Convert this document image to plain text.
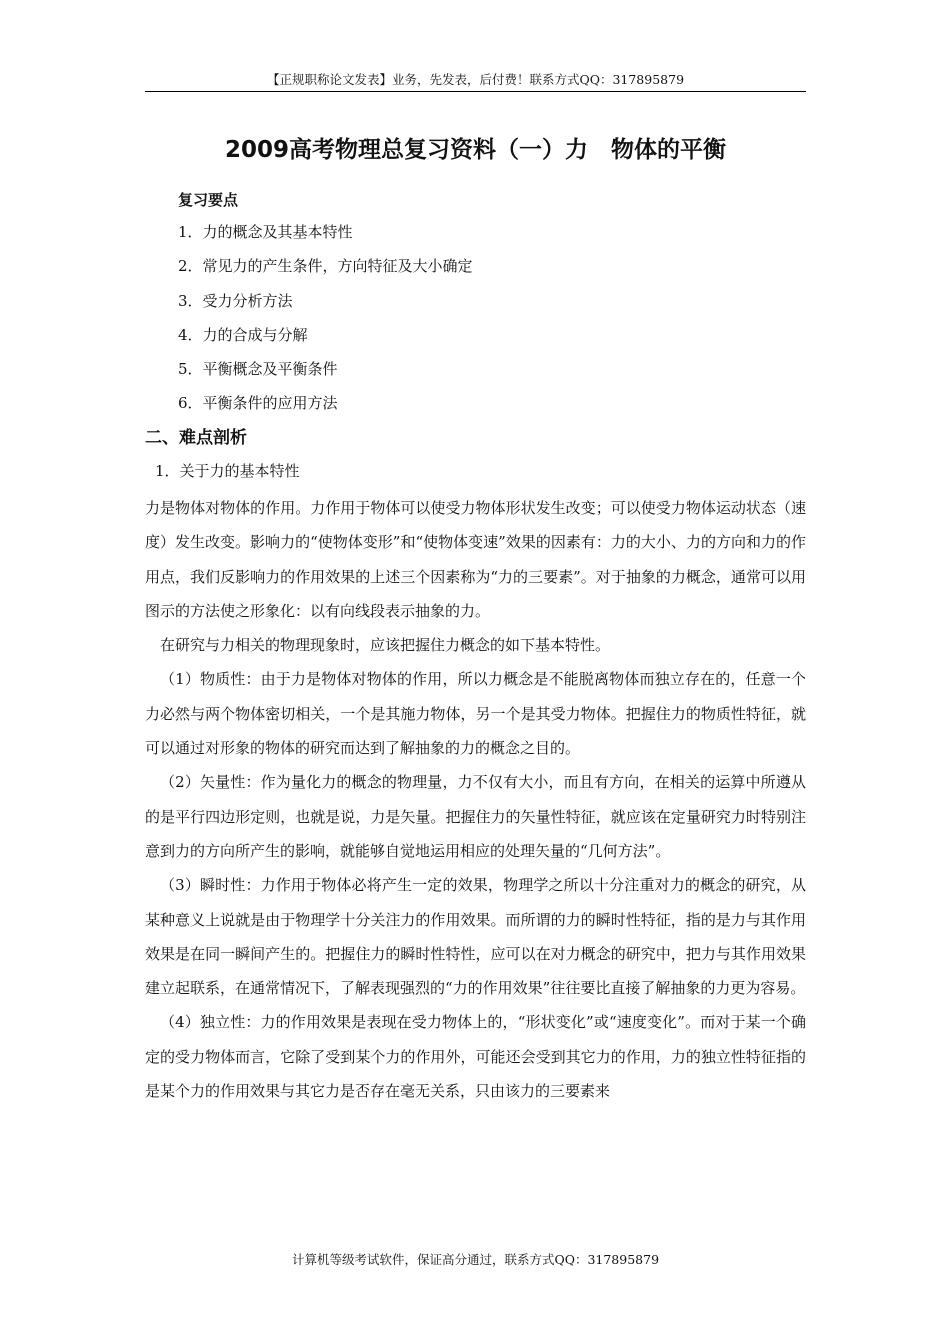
【正规职称论文发表】业务，先发表，后付费！联系方式QQ：317895879
2009高考物理总复习资料（一）力　物体的平衡
复习要点
1．力的概念及其基本特性
2．常见力的产生条件，方向特征及大小确定
3．受力分析方法
4．力的合成与分解
5．平衡概念及平衡条件
6．平衡条件的应用方法
二、难点剖析
1．关于力的基本特性

力是物体对物体的作用。力作用于物体可以使受力物体形状发生改变；可以使受力物体运动状态（速度）发生改变。影响力的“使物体变形”和“使物体变速”效果的因素有：力的大小、力的方向和力的作用点，我们反影响力的作用效果的上述三个因素称为“力的三要素”。对于抽象的力概念，通常可以用图示的方法使之形象化：以有向线段表示抽象的力。

在研究与力相关的物理现象时，应该把握住力概念的如下基本特性。

（1）物质性：由于力是物体对物体的作用，所以力概念是不能脱离物体而独立存在的，任意一个力必然与两个物体密切相关，一个是其施力物体，另一个是其受力物体。把握住力的物质性特征，就可以通过对形象的物体的研究而达到了解抽象的力的概念之目的。

（2）矢量性：作为量化力的概念的物理量，力不仅有大小，而且有方向，在相关的运算中所遵从的是平行四边形定则，也就是说，力是矢量。把握住力的矢量性特征，就应该在定量研究力时特别注意到力的方向所产生的影响，就能够自觉地运用相应的处理矢量的“几何方法”。

（3）瞬时性：力作用于物体必将产生一定的效果，物理学之所以十分注重对力的概念的研究，从某种意义上说就是由于物理学十分关注力的作用效果。而所谓的力的瞬时性特征，指的是力与其作用效果是在同一瞬间产生的。把握住力的瞬时性特性，应可以在对力概念的研究中，把力与其作用效果建立起联系，在通常情况下，了解表现强烈的“力的作用效果”往往要比直接了解抽象的力更为容易。

（4）独立性：力的作用效果是表现在受力物体上的，“形状变化”或“速度变化”。而对于某一个确定的受力物体而言，它除了受到某个力的作用外，可能还会受到其它力的作用，力的独立性特征指的是某个力的作用效果与其它力是否存在毫无关系，只由该力的三要素来

计算机等级考试软件，保证高分通过，联系方式QQ：317895879
